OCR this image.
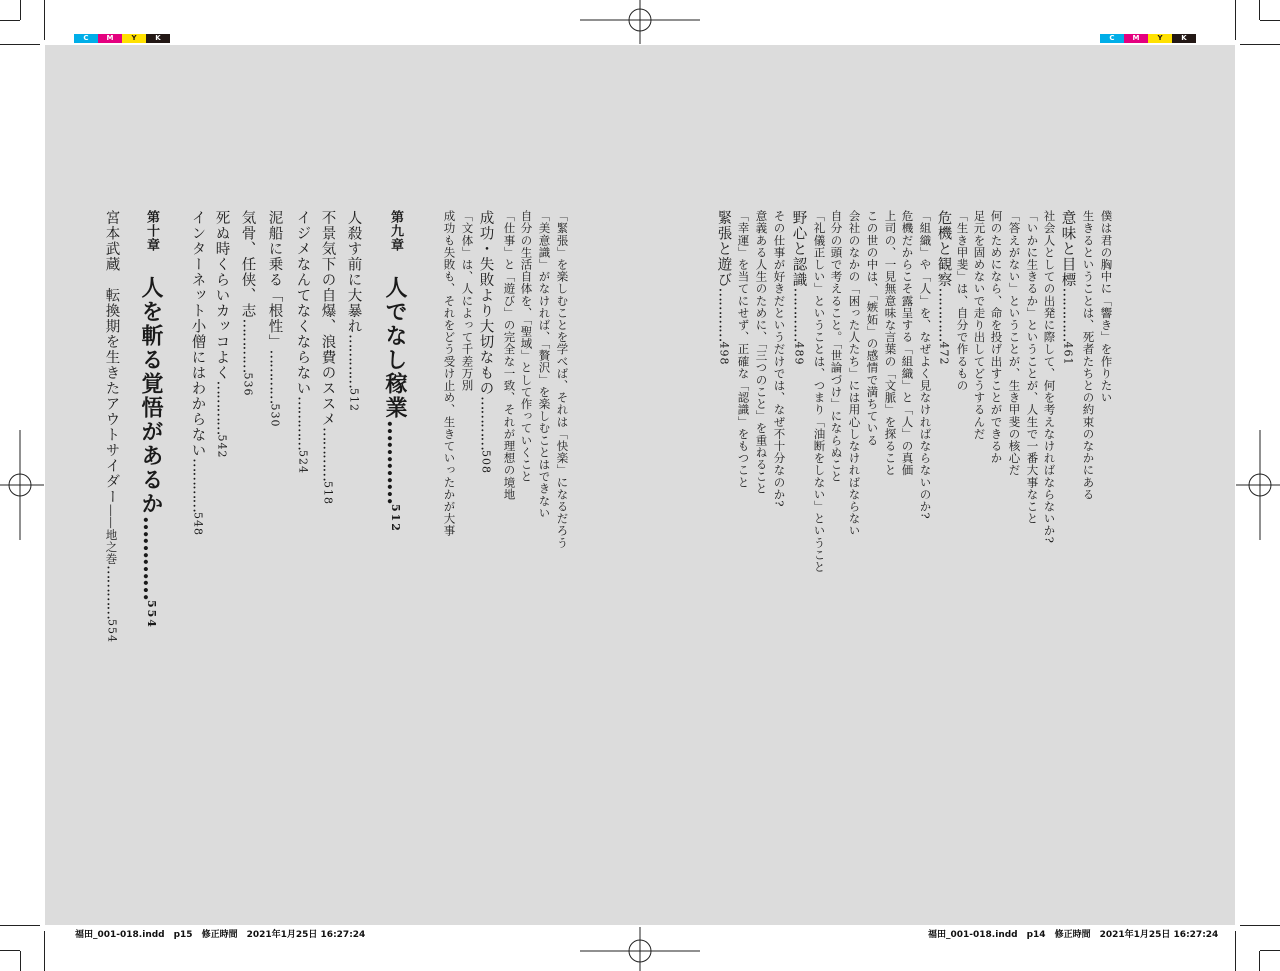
C	M	Y	K	C	M	Y	K
福田_001-018.indd　p15　修正時間　2021年1月25日 16:27:24	福田_001-018.indd　p14　修正時間　2021年1月25日 16:27:24
僕は君の胸中に「響き」を作りたい
生きるということは、死者たちとの約束のなかにある
意味と目標…………461
社会人としての出発に際して、何を考えなければならないか?
「いかに生きるか」ということが、人生で一番大事なこと
「答えがない」ということが、生き甲斐の核心だ
何のためになら、命を投げ出すことができるか
足元を固めないで走り出してどうするんだ
「生き甲斐」は、自分で作るもの
危機と観察…………472
「組織」や「人」を、なぜよく見なければならないのか?
危機だからこそ露呈する「組織」と「人」の真価
上司の、一見無意味な言葉の「文脈」を探ること
この世の中は、「嫉妬」の感情で満ちている
会社のなかの「困った人たち」には用心しなければならない
自分の頭で考えること。「世論づけ」にならぬこと
「礼儀正しい」ということは、つまり「油断をしない」ということ
野心と認識…………489
その仕事が好きだというだけでは、なぜ不十分なのか?
意義ある人生のために、「三つのこと」を重ねること
「幸運」を当てにせず、正確な「認識」をもつこと
緊張と遊び…………498
「緊張」を楽しむことを学べば、それは「快楽」になるだろう
「美意識」がなければ、「贅沢」を楽しむことはできない
自分の生活自体を、「聖域」として作っていくこと
「仕事」と「遊び」の完全な一致、それが理想の境地
成功・失敗より大切なもの…………508
「文体」は、人によって千差万別
成功も失敗も、それをどう受け止め、生きていったかが大事
第九章　人でなし稼業…………512
人殺す前に大暴れ…………512
不景気下の自爆、浪費のススメ…………518
イジメなんてなくならない…………524
泥船に乗る「根性」…………530
気骨、任侠、志…………536
死ぬ時くらいカッコよく…………542
インターネット小僧にはわからない…………548
第十章　人を斬る覚悟があるか…………554
宮本武蔵　転換期を生きたアウトサイダー――地之巻…………554
